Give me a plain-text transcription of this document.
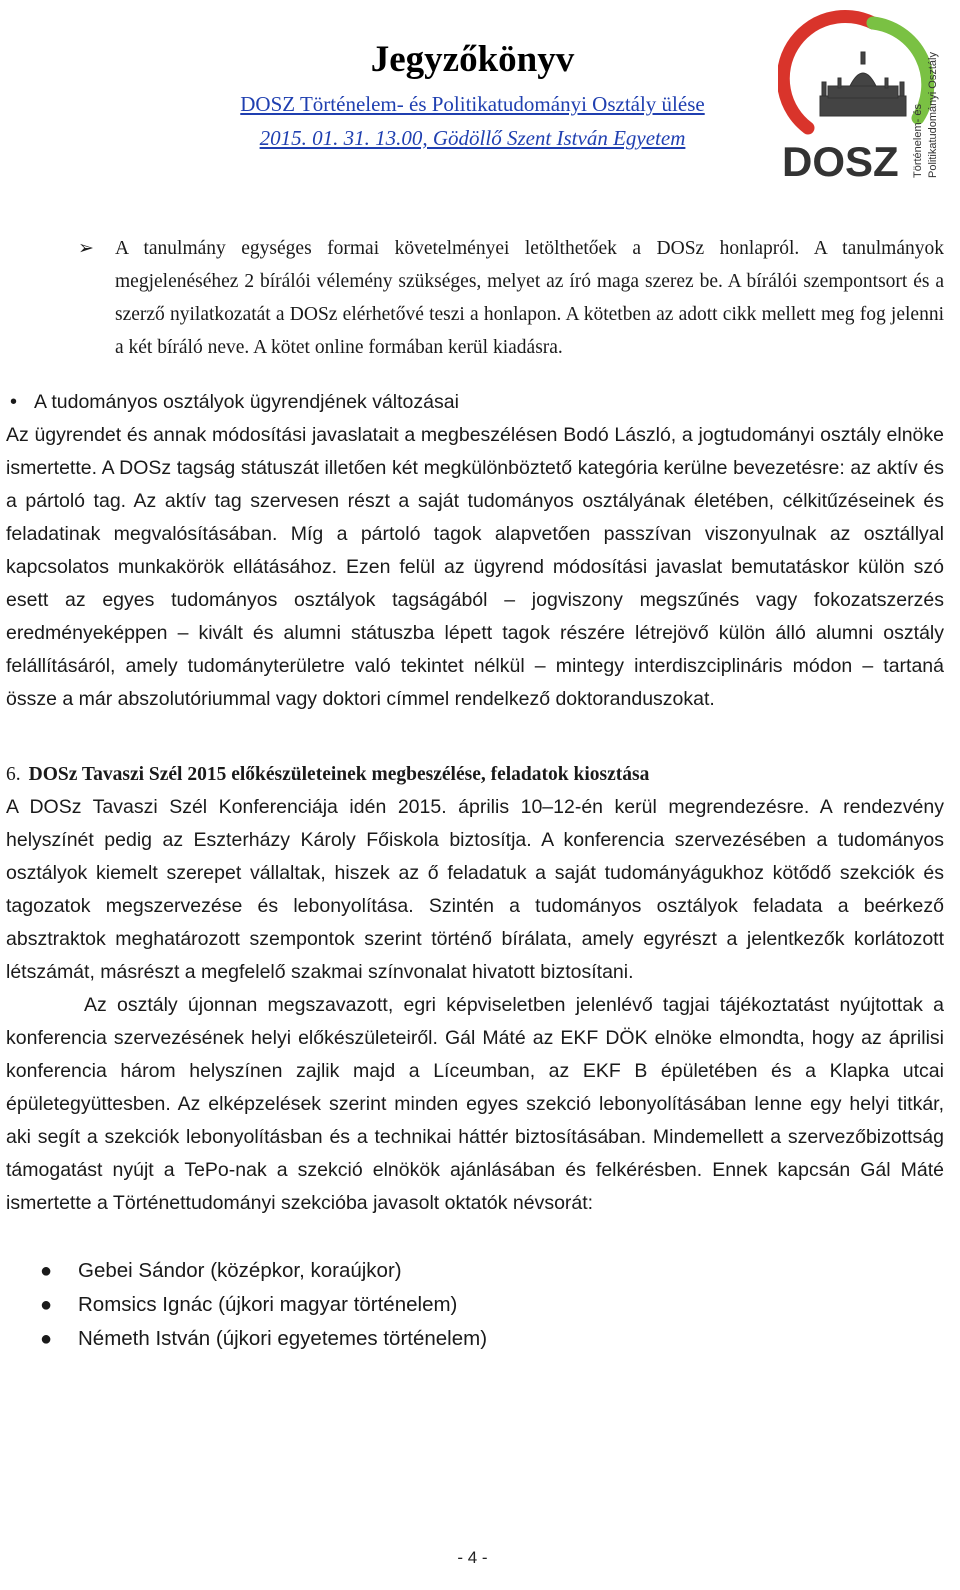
Jegyzőkönyv
DOSZ Történelem- és Politikatudományi Osztály ülése
2015. 01. 31. 13.00, Gödöllő Szent István Egyetem	DOSZ Történelem- és Politikatudományi Osztály
➢ A tanulmány egységes formai követelményei letölthetőek a DOSz honlapról. A tanulmányok megjelenéséhez 2 bírálói vélemény szükséges, melyet az író maga szerez be. A bírálói szempontsort és a szerző nyilatkozatát a DOSz elérhetővé teszi a honlapon. A kötetben az adott cikk mellett meg fog jelenni a két bíráló neve. A kötet online formában kerül kiadásra.
• A tudományos osztályok ügyrendjének változásai
Az ügyrendet és annak módosítási javaslatait a megbeszélésen Bodó László, a jogtudományi osztály elnöke ismertette. A DOSz tagság státuszát illetően két megkülönböztető kategória kerülne bevezetésre: az aktív és a pártoló tag. Az aktív tag szervesen részt a saját tudományos osztályának életében, célkitűzéseinek és feladatinak megvalósításában. Míg a pártoló tagok alapvetően passzívan viszonyulnak az osztállyal kapcsolatos munkakörök ellátásához. Ezen felül az ügyrend módosítási javaslat bemutatáskor külön szó esett az egyes tudományos osztályok tagságából – jogviszony megszűnés vagy fokozatszerzés eredményeképpen – kivált és alumni státuszba lépett tagok részére létrejövő külön álló alumni osztály felállításáról, amely tudományterületre való tekintet nélkül – mintegy interdiszciplináris módon – tartaná össze a már abszolutóriummal vagy doktori címmel rendelkező doktoranduszokat.
6. DOSz Tavaszi Szél 2015 előkészületeinek megbeszélése, feladatok kiosztása
A DOSz Tavaszi Szél Konferenciája idén 2015. április 10–12-én kerül megrendezésre. A rendezvény helyszínét pedig az Eszterházy Károly Főiskola biztosítja. A konferencia szervezésében a tudományos osztályok kiemelt szerepet vállaltak, hiszek az ő feladatuk a saját tudományágukhoz kötődő szekciók és tagozatok megszervezése és lebonyolítása. Szintén a tudományos osztályok feladata a beérkező absztraktok meghatározott szempontok szerint történő bírálata, amely egyrészt a jelentkezők korlátozott létszámát, másrészt a megfelelő szakmai színvonalat hivatott biztosítani.
Az osztály újonnan megszavazott, egri képviseletben jelenlévő tagjai tájékoztatást nyújtottak a konferencia szervezésének helyi előkészületeiről. Gál Máté az EKF DÖK elnöke elmondta, hogy az áprilisi konferencia három helyszínen zajlik majd a Líceumban, az EKF B épületében és a Klapka utcai épületegyüttesben. Az elképzelések szerint minden egyes szekció lebonyolításában lenne egy helyi titkár, aki segít a szekciók lebonyolításban és a technikai háttér biztosításában. Mindemellett a szervezőbizottság támogatást nyújt a TePo-nak a szekció elnökök ajánlásában és felkérésben. Ennek kapcsán Gál Máté ismertette a Történettudományi szekcióba javasolt oktatók névsorát:
● Gebei Sándor (középkor, koraújkor)
● Romsics Ignác (újkori magyar történelem)
● Németh István (újkori egyetemes történelem)
- 4 -
